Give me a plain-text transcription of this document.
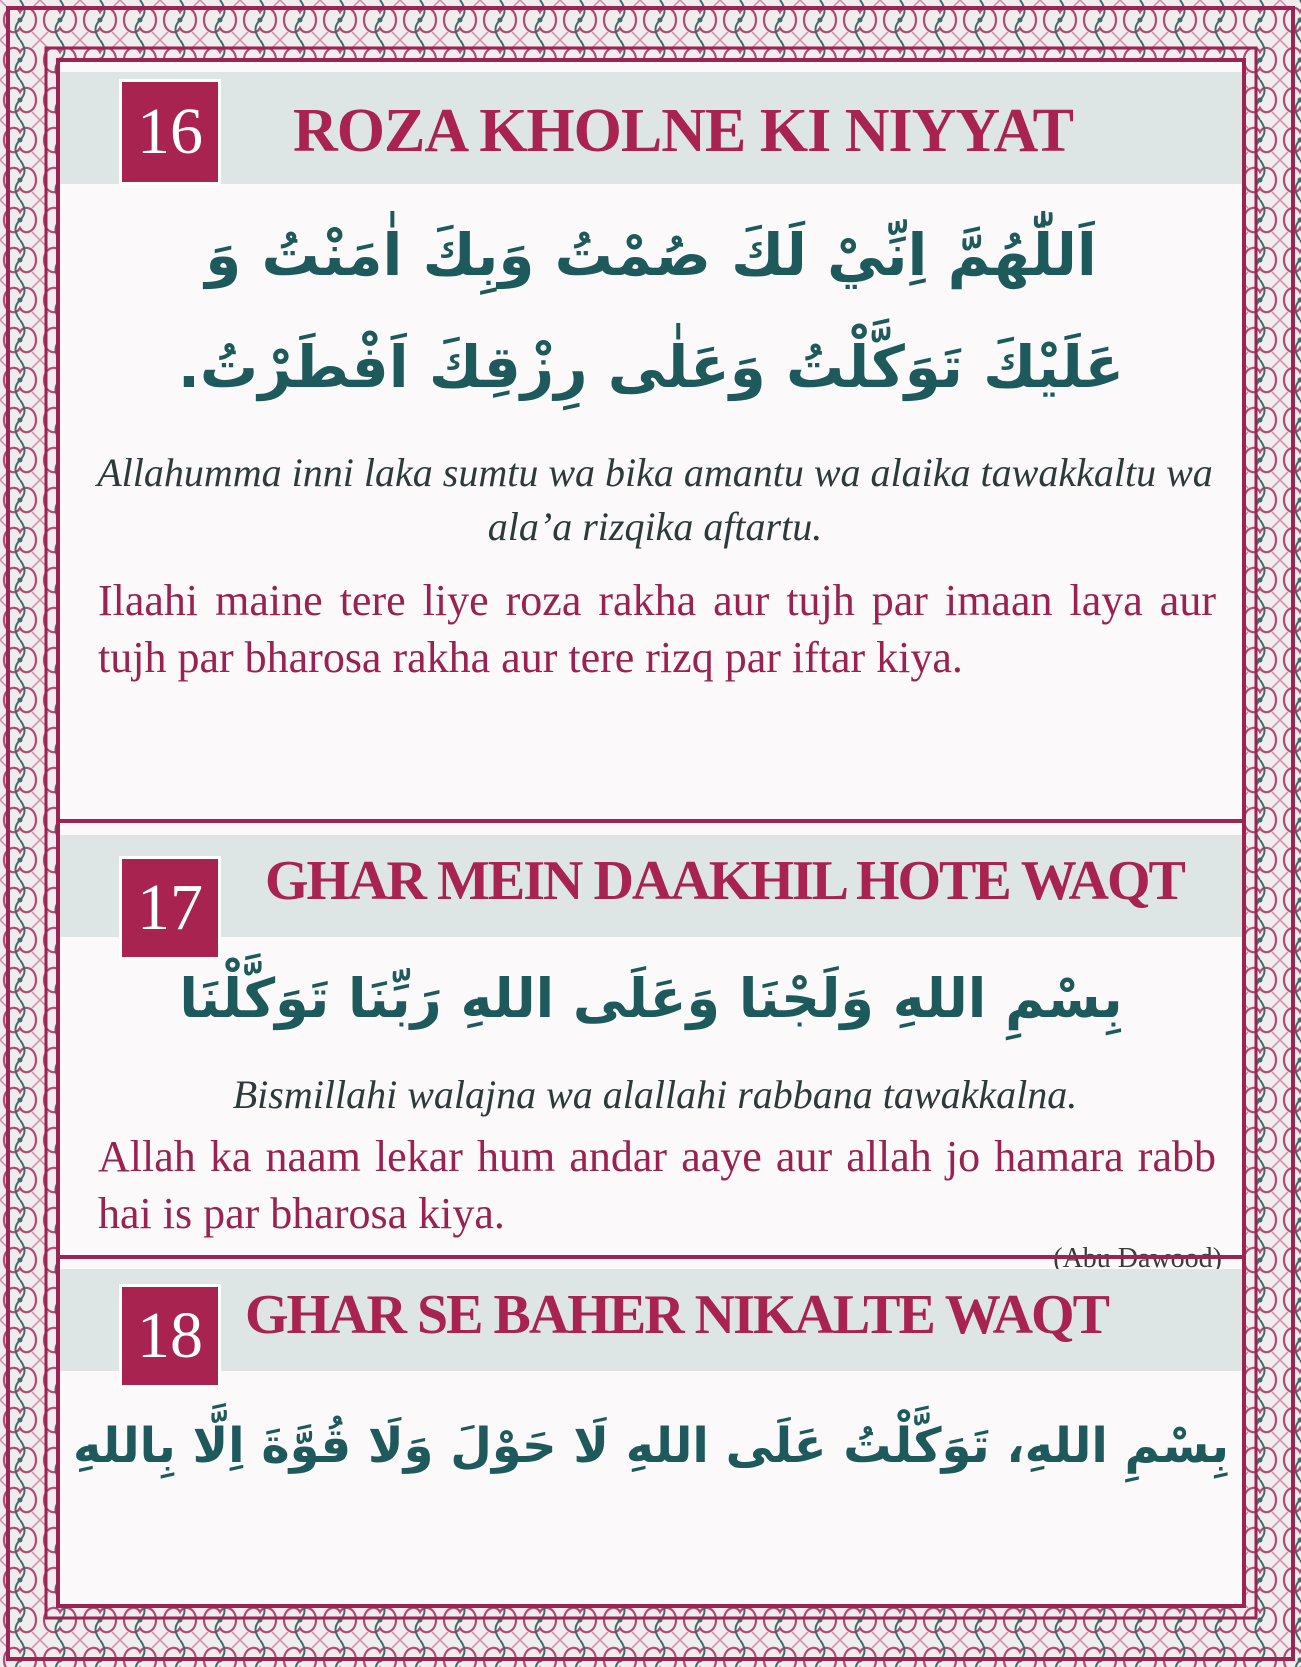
16 ROZA KHOLNE KI NIYYAT
اَللّٰهُمَّ اِنِّيْ لَكَ صُمْتُ وَبِكَ اٰمَنْتُ وَ
عَلَيْكَ تَوَكَّلْتُ وَعَلٰى رِزْقِكَ اَفْطَرْتُ.
Allahumma inni laka sumtu wa bika amantu wa alaika tawakkaltu wa ala’a rizqika aftartu.
Ilaahi maine tere liye roza rakha aur tujh par imaan laya aur tujh par bharosa rakha aur tere rizq par iftar kiya.
17 GHAR MEIN DAAKHIL HOTE WAQT
بِسْمِ اللهِ وَلَجْنَا وَعَلَى اللهِ رَبِّنَا تَوَكَّلْنَا
Bismillahi walajna wa alallahi rabbana tawakkalna.
Allah ka naam lekar hum andar aaye aur allah jo hamara rabb hai is par bharosa kiya.
18 GHAR SE BAHER NIKALTE WAQT
بِسْمِ اللهِ، تَوَكَّلْتُ عَلَى اللهِ لَا حَوْلَ وَلَا قُوَّةَ اِلَّا بِاللهِ
